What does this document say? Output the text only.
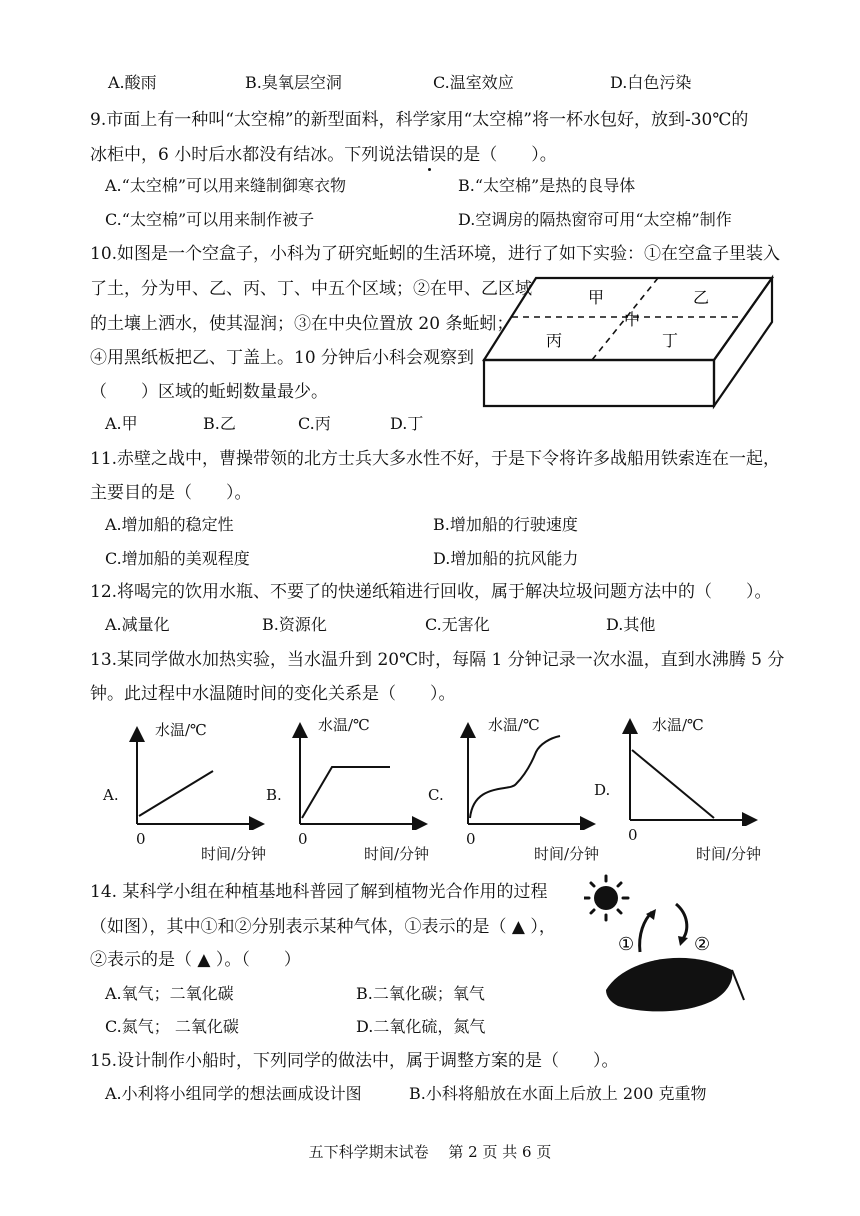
A.酸雨	B.臭氧层空洞	C.温室效应	D.白色污染
9.市面上有一种叫“太空棉”的新型面料，科学家用“太空棉”将一杯水包好，放到-30℃的
冰柜中，6 小时后水都没有结冰。下列说法错误的是（　　）。
A.“太空棉”可以用来缝制御寒衣物	B.“太空棉”是热的良导体
C.“太空棉”可以用来制作被子	D.空调房的隔热窗帘可用“太空棉”制作
10.如图是一个空盒子，小科为了研究蚯蚓的生活环境，进行了如下实验：①在空盒子里装入
了土，分为甲、乙、丙、丁、中五个区域；②在甲、乙区域
的土壤上洒水，使其湿润；③在中央位置放 20 条蚯蚓；
④用黑纸板把乙、丁盖上。10 分钟后小科会观察到
（　　）区域的蚯蚓数量最少。
A.甲	B.乙	C.丙	D.丁
甲	乙
中
丙	丁
11.赤壁之战中，曹操带领的北方士兵大多水性不好，于是下令将许多战船用铁索连在一起，
主要目的是（　　）。
A.增加船的稳定性	B.增加船的行驶速度
C.增加船的美观程度	D.增加船的抗风能力
12.将喝完的饮用水瓶、不要了的快递纸箱进行回收，属于解决垃圾问题方法中的（　　）。
A.减量化	B.资源化	C.无害化	D.其他
13.某同学做水加热实验，当水温升到 20℃时，每隔 1 分钟记录一次水温，直到水沸腾 5 分
钟。此过程中水温随时间的变化关系是（　　）。
A.
水温/℃
0
时间/分钟
B.
水温/℃
0
时间/分钟
C.
水温/℃
0
时间/分钟
D.
水温/℃
0
时间/分钟
14. 某科学小组在种植基地科普园了解到植物光合作用的过程
（如图），其中①和②分别表示某种气体，①表示的是（ ▲ ），
②表示的是（ ▲ ）。（　　）
A.氧气；二氧化碳	B.二氧化碳；氧气
C.氮气； 二氧化碳	D.二氧化硫，氮气
①	②
15.设计制作小船时，下列同学的做法中，属于调整方案的是（　　）。
A.小利将小组同学的想法画成设计图	B.小科将船放在水面上后放上 200 克重物
五下科学期末试卷　 第 2 页 共 6 页
